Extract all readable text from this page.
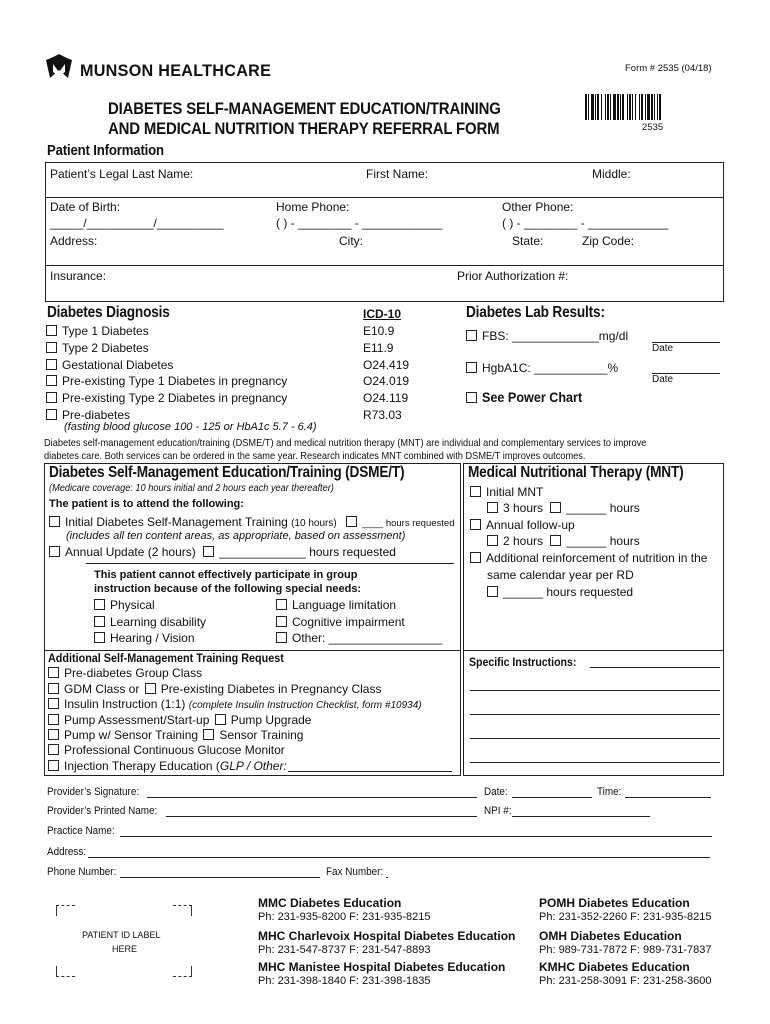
MUNSON HEALTHCARE	Form # 2535 (04/18)
DIABETES SELF-MANAGEMENT EDUCATION/TRAINING
AND MEDICAL NUTRITION THERAPY REFERRAL FORM	2535
Patient Information
Patient’s Legal Last Name:	First Name:	Middle:
Date of Birth:
_____/__________/__________
Home Phone:
( ) - ________ - ____________
Other Phone:
( ) - ________ - ____________
Address:	City:	State:	Zip Code:
Insurance:	Prior Authorization #:
Diabetes Diagnosis	ICD-10
Type 1 Diabetes	E10.9
Type 2 Diabetes	E11.9
Gestational Diabetes	O24.419
Pre-existing Type 1 Diabetes in pregnancy	O24.019
Pre-existing Type 2 Diabetes in pregnancy	O24.119
Pre-diabetes	R73.03
(fasting blood glucose 100 - 125 or HbA1c 5.7 - 6.4)
Diabetes Lab Results:
FBS: _____________mg/dl
Date
HgbA1C: ___________%
Date
See Power Chart
Diabetes self-management education/training (DSME/T) and medical nutrition therapy (MNT) are individual and complementary services to improve
diabetes care. Both services can be ordered in the same year. Research indicates MNT combined with DSME/T improves outcomes.
Diabetes Self-Management Education/Training (DSME/T)
(Medicare coverage: 10 hours initial and 2 hours each year thereafter)
The patient is to attend the following:
Initial Diabetes Self-Management Training (10 hours)	____ hours requested
(includes all ten content areas, as appropriate, based on assessment)
Annual Update (2 hours) _____________ hours requested
This patient cannot effectively participate in group
instruction because of the following special needs:
Physical	Language limitation
Learning disability	Cognitive impairment
Hearing / Vision	Other: _________________
Medical Nutritional Therapy (MNT)
Initial MNT
3 hours ______ hours
Annual follow-up
2 hours ______ hours
Additional reinforcement of nutrition in the
same calendar year per RD
______ hours requested
Additional Self-Management Training Request
Pre-diabetes Group Class
GDM Class or Pre-existing Diabetes in Pregnancy Class
Insulin Instruction (1:1) (complete Insulin Instruction Checklist, form #10934)
Pump Assessment/Start-up Pump Upgrade
Pump w/ Sensor Training Sensor Training
Professional Continuous Glucose Monitor
Injection Therapy Education (GLP / Other:
Specific Instructions:
Provider’s Signature:	Date:	Time:
Provider’s Printed Name:	NPI #:
Practice Name:
Address:
Phone Number:	Fax Number:
PATIENT ID LABEL
HERE
MMC Diabetes Education
Ph: 231-935-8200 F: 231-935-8215
POMH Diabetes Education
Ph: 231-352-2260 F: 231-935-8215
MHC Charlevoix Hospital Diabetes Education
Ph: 231-547-8737 F: 231-547-8893
OMH Diabetes Education
Ph: 989-731-7872 F: 989-731-7837
MHC Manistee Hospital Diabetes Education
Ph: 231-398-1840 F: 231-398-1835
KMHC Diabetes Education
Ph: 231-258-3091 F: 231-258-3600
